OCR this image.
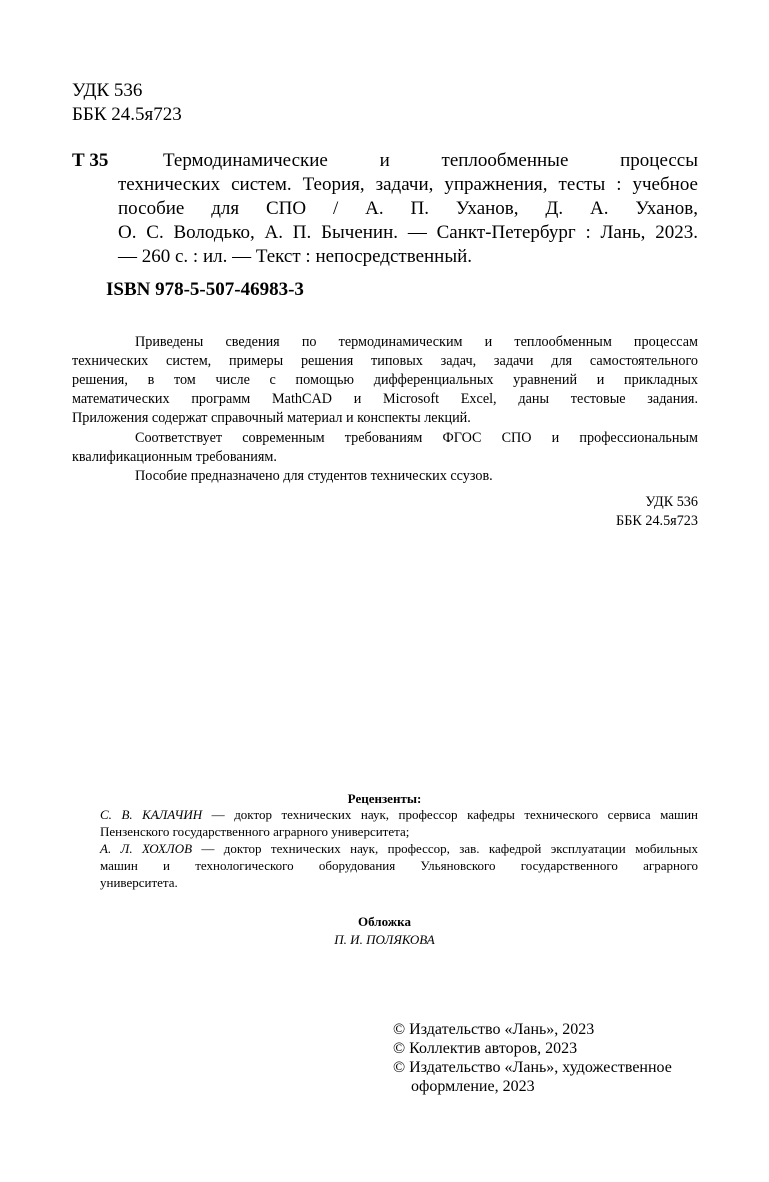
УДК 536
ББК 24.5я723
Т 35	Термодинамические и теплообменные процессы
технических систем. Теория, задачи, упражнения, тесты : учебное
пособие для СПО / А. П. Уханов, Д. А. Уханов,
О. С. Володько, А. П. Быченин. — Санкт-Петербург : Лань, 2023.
— 260 с. : ил. — Текст : непосредственный.
ISBN 978-5-507-46983-3
Приведены сведения по термодинамическим и теплообменным процессам
технических систем, примеры решения типовых задач, задачи для самостоятельного
решения, в том числе с помощью дифференциальных уравнений и прикладных
математических программ MathCAD и Microsoft Excel, даны тестовые задания.
Приложения содержат справочный материал и конспекты лекций.
Соответствует современным требованиям ФГОС СПО и профессиональным
квалификационным требованиям.
Пособие предназначено для студентов технических ссузов.
УДК 536
ББК 24.5я723
Рецензенты:
С. В. КАЛАЧИН — доктор технических наук, профессор кафедры технического сервиса машин
Пензенского государственного аграрного университета;
А. Л. ХОХЛОВ — доктор технических наук, профессор, зав. кафедрой эксплуатации мобильных
машин и технологического оборудования Ульяновского государственного аграрного
университета.
Обложка
П. И. ПОЛЯКОВА
© Издательство «Лань», 2023
© Коллектив авторов, 2023
© Издательство «Лань», художественное
оформление, 2023
